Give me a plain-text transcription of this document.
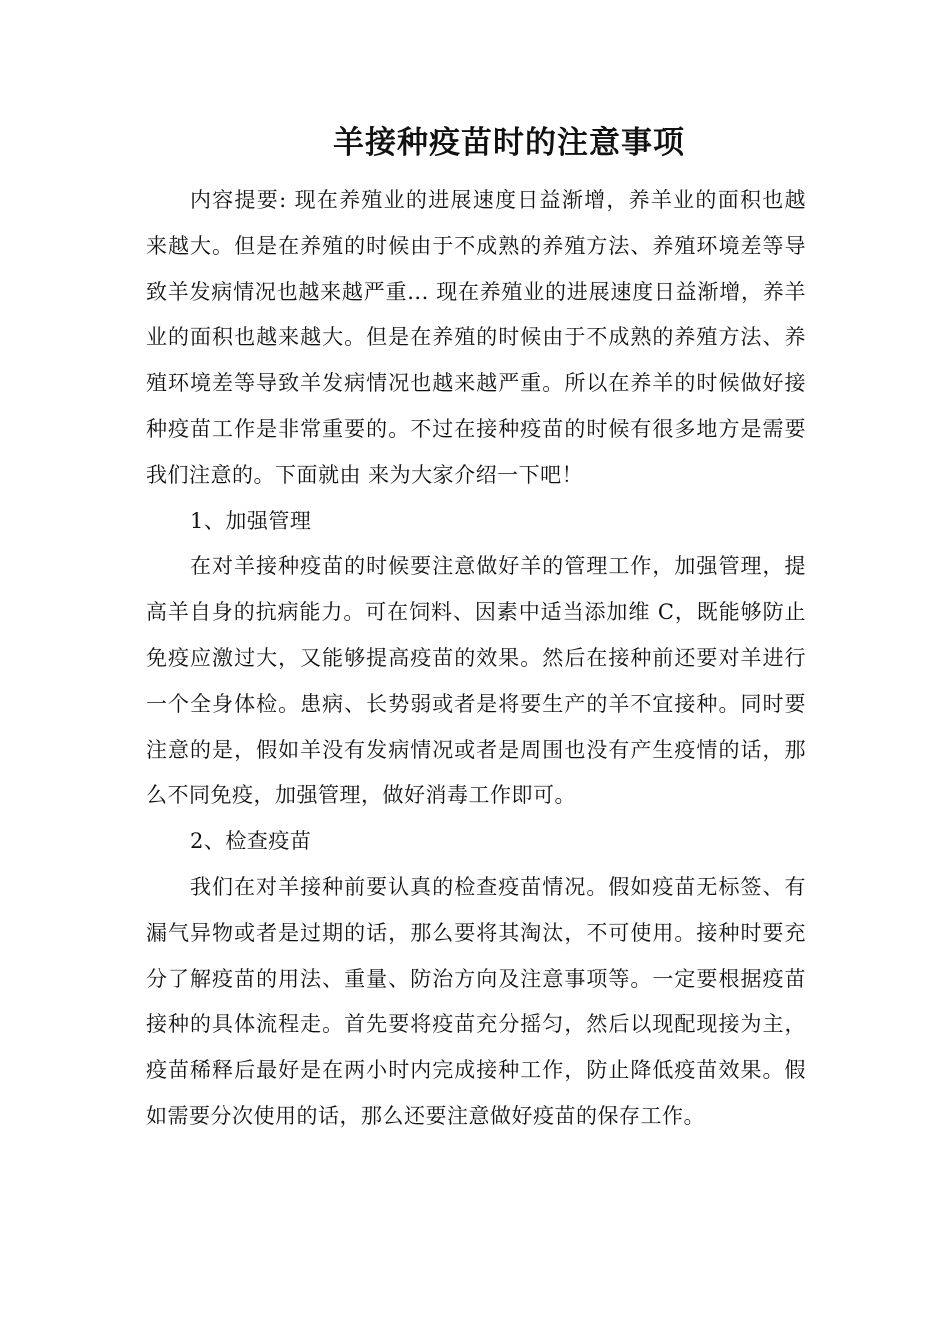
羊接种疫苗时的注意事项

内容提要: 现在养殖业的进展速度日益渐增，养羊业的面积也越来越大。但是在养殖的时候由于不成熟的养殖方法、养殖环境差等导致羊发病情况也越来越严重... 现在养殖业的进展速度日益渐增，养羊业的面积也越来越大。但是在养殖的时候由于不成熟的养殖方法、养殖环境差等导致羊发病情况也越来越严重。所以在养羊的时候做好接种疫苗工作是非常重要的。不过在接种疫苗的时候有很多地方是需要我们注意的。下面就由 来为大家介绍一下吧！

1、加强管理

在对羊接种疫苗的时候要注意做好羊的管理工作，加强管理，提高羊自身的抗病能力。可在饲料、因素中适当添加维 C，既能够防止免疫应激过大，又能够提高疫苗的效果。然后在接种前还要对羊进行一个全身体检。患病、长势弱或者是将要生产的羊不宜接种。同时要注意的是，假如羊没有发病情况或者是周围也没有产生疫情的话，那么不同免疫，加强管理，做好消毒工作即可。

2、检查疫苗

我们在对羊接种前要认真的检查疫苗情况。假如疫苗无标签、有漏气异物或者是过期的话，那么要将其淘汰，不可使用。接种时要充分了解疫苗的用法、重量、防治方向及注意事项等。一定要根据疫苗接种的具体流程走。首先要将疫苗充分摇匀，然后以现配现接为主，疫苗稀释后最好是在两小时内完成接种工作，防止降低疫苗效果。假如需要分次使用的话，那么还要注意做好疫苗的保存工作。
